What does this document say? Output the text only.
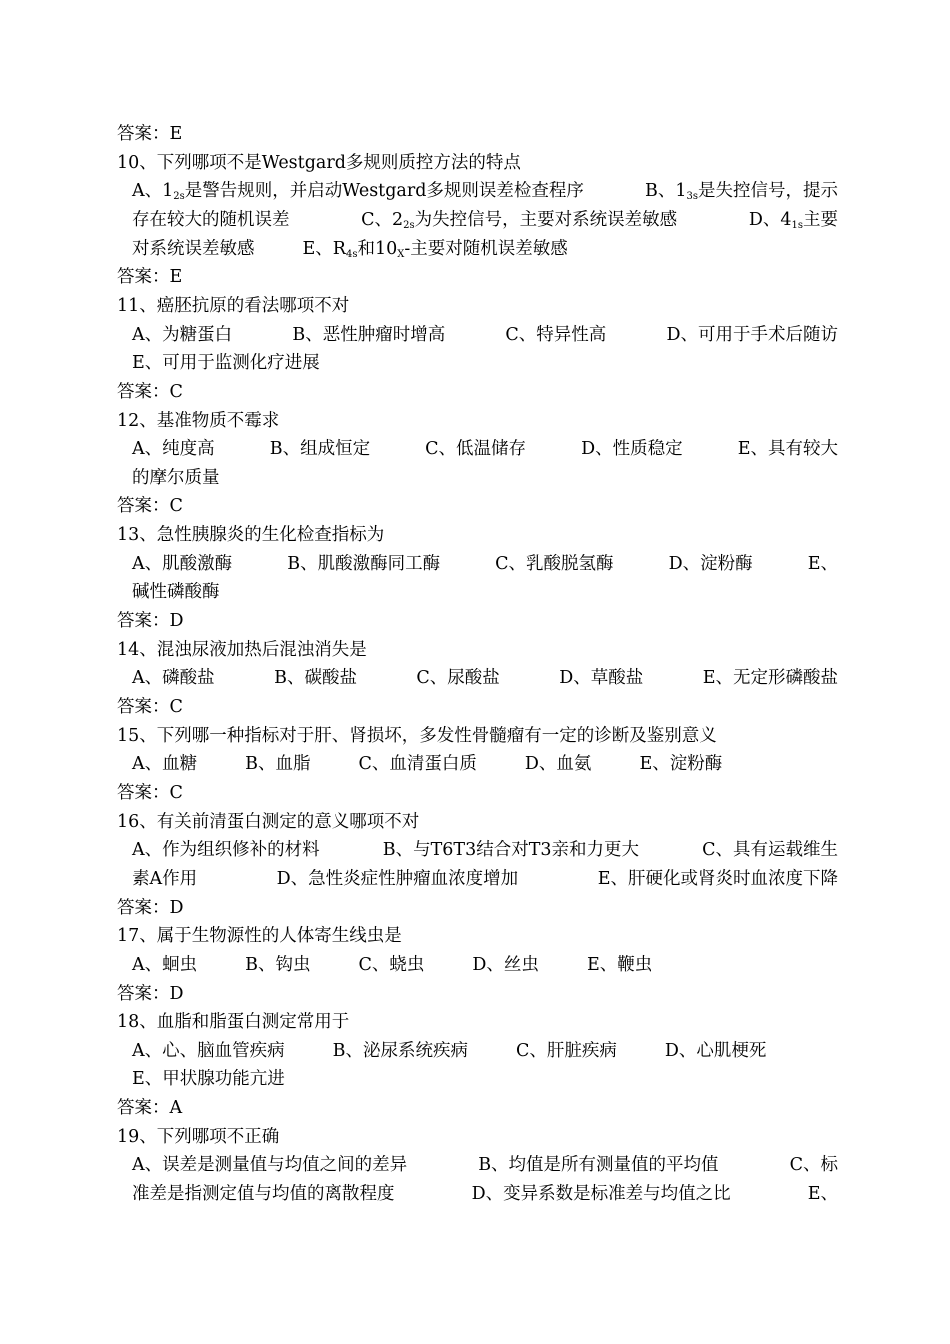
答案：E
10、下列哪项不是Westgard多规则质控方法的特点
A、$1_{2s}$是警告规则，并启动Westgard多规则误差检查程序	B、$1_{3s}$是失控信号，提示
存在较大的随机误差	C、$2_{2s}$为失控信号，主要对系统误差敏感	D、$4_{1s}$主要
对系统误差敏感	E、$R_{4s}$和$10_X-$主要对随机误差敏感
答案：E
11、癌胚抗原的看法哪项不对
A、为糖蛋白	B、恶性肿瘤时增高	C、特异性高	D、可用于手术后随访
E、可用于监测化疗进展
答案：C
12、基准物质不霉求
A、纯度高	B、组成恒定	C、低温储存	D、性质稳定	E、具有较大
的摩尔质量
答案：C
13、急性胰腺炎的生化检查指标为
A、肌酸激酶	B、肌酸激酶同工酶	C、乳酸脱氢酶	D、淀粉酶	E、
碱性磷酸酶
答案：D
14、混浊尿液加热后混浊消失是
A、磷酸盐	B、碳酸盐	C、尿酸盐	D、草酸盐	E、无定形磷酸盐
答案：C
15、下列哪一种指标对于肝、肾损坏，多发性骨髓瘤有一定的诊断及鉴别意义
A、血糖	B、血脂	C、血清蛋白质	D、血氨	E、淀粉酶
答案：C
16、有关前清蛋白测定的意义哪项不对
A、作为组织修补的材料	B、与T6T3结合对T3亲和力更大	C、具有运载维生
素A作用	D、急性炎症性肿瘤血浓度增加	E、肝硬化或肾炎时血浓度下降
答案：D
17、属于生物源性的人体寄生线虫是
A、蛔虫	B、钩虫	C、蛲虫	D、丝虫	E、鞭虫
答案：D
18、血脂和脂蛋白测定常用于
A、心、脑血管疾病	B、泌尿系统疾病	C、肝脏疾病	D、心肌梗死
E、甲状腺功能亢进
答案：A
19、下列哪项不正确
A、误差是测量值与均值之间的差异	B、均值是所有测量值的平均值	C、标
准差是指测定值与均值的离散程度	D、变异系数是标准差与均值之比	E、
